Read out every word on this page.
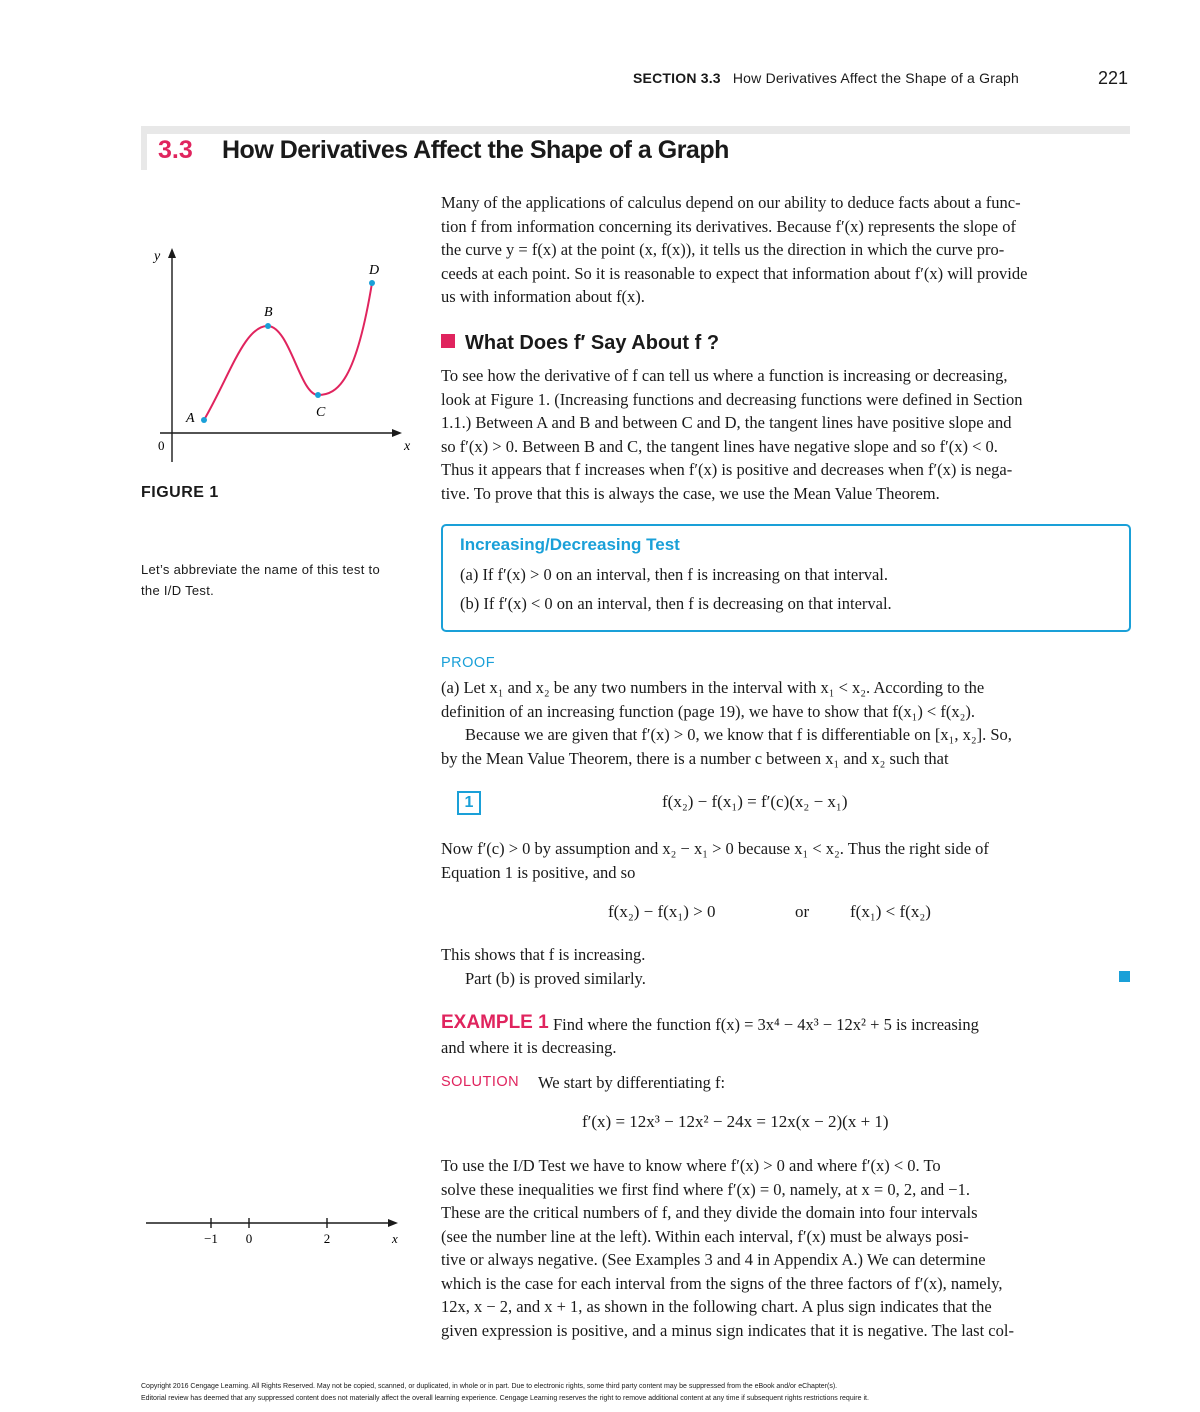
SECTION 3.3 How Derivatives Affect the Shape of a Graph	221
3.3 How Derivatives Affect the Shape of a Graph
Many of the applications of calculus depend on our ability to deduce facts about a func-
tion f from information concerning its derivatives. Because f′(x) represents the slope of
the curve y = f(x) at the point (x, f(x)), it tells us the direction in which the curve pro-
ceeds at each point. So it is reasonable to expect that information about f′(x) will provide
us with information about f(x).
What Does f′ Say About f ?
To see how the derivative of f can tell us where a function is increasing or decreasing,
look at Figure 1. (Increasing functions and decreasing functions were defined in Section
1.1.) Between A and B and between C and D, the tangent lines have positive slope and
so f′(x) > 0. Between B and C, the tangent lines have negative slope and so f′(x) < 0.
Thus it appears that f increases when f′(x) is positive and decreases when f′(x) is nega-
tive. To prove that this is always the case, we use the Mean Value Theorem.
Increasing/Decreasing Test
(a) If f′(x) > 0 on an interval, then f is increasing on that interval.
(b) If f′(x) < 0 on an interval, then f is decreasing on that interval.
PROOF
(a) Let x₁ and x₂ be any two numbers in the interval with x₁ < x₂. According to the
definition of an increasing function (page 19), we have to show that f(x₁) < f(x₂).
Because we are given that f′(x) > 0, we know that f is differentiable on [x₁, x₂]. So,
by the Mean Value Theorem, there is a number c between x₁ and x₂ such that
1	f(x₂) − f(x₁) = f′(c)(x₂ − x₁)
Now f′(c) > 0 by assumption and x₂ − x₁ > 0 because x₁ < x₂. Thus the right side of
Equation 1 is positive, and so
f(x₂) − f(x₁) > 0	or f(x₁) < f(x₂)
This shows that f is increasing.
Part (b) is proved similarly.
EXAMPLE 1 Find where the function f(x) = 3x⁴ − 4x³ − 12x² + 5 is increasing
and where it is decreasing.
SOLUTION We start by differentiating f:
f′(x) = 12x³ − 12x² − 24x = 12x(x − 2)(x + 1)
To use the I/D Test we have to know where f′(x) > 0 and where f′(x) < 0. To
solve these inequalities we first find where f′(x) = 0, namely, at x = 0, 2, and −1.
These are the critical numbers of f, and they divide the domain into four intervals
(see the number line at the left). Within each interval, f′(x) must be always posi-
tive or always negative. (See Examples 3 and 4 in Appendix A.) We can determine
which is the case for each interval from the signs of the three factors of f′(x), namely,
12x, x − 2, and x + 1, as shown in the following chart. A plus sign indicates that the
given expression is positive, and a minus sign indicates that it is negative. The last col-
y
x
0
A
B
C
D
FIGURE 1
Let’s abbreviate the name of this test to the I/D Test.
−1 0	2	x
Copyright 2016 Cengage Learning. All Rights Reserved. May not be copied, scanned, or duplicated, in whole or in part. Due to electronic rights, some third party content may be suppressed from the eBook and/or eChapter(s).
Editorial review has deemed that any suppressed content does not materially affect the overall learning experience. Cengage Learning reserves the right to remove additional content at any time if subsequent rights restrictions require it.
